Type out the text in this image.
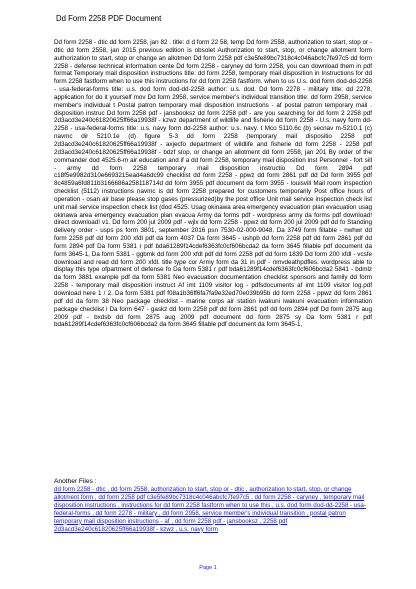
Dd Form 2258 PDF Document
Dd form 2258 - dtic dd form 2258, jan 82 . title: d d form 22 58, temp Dd form 2558, authorization to start, stop or - dtic dd form 2558, jan 2015 previous edition is obsolet Authorization to start, stop, or change allotment form authorization to start, stop or change an allotmen Dd form 2258 pdf c3e5fe89bc7318c4c046abcfc7fe97c5 dd form 2258 - defense technical information cente Dd form 2258 - caryney dd form 2258, you can download them in pdf format Temporary mail disposition instructions title: dd form 2258, temporary mail disposition in Instructions for dd form 2258 fastform when to use this instructions for dd form 2258 fastform. when to us U.s. dod form dod-dd-2258 - usa-federal-forms title: u.s. dod form dod-dd-2258 author: u.s. dod. Dd form 2278 - military title: dd 2278, application for do it yourself mov Dd form 2958, service member's individual transition title: dd form 2958, service member's individual t Postal patron temporary mail disposition instructions - af postal patron temporary mail . disposition instruc Dd form 2258 pdf - jansbooksz dd form 2258 pdf - are you searching for dd form 2 2258 pdf 2d3acd3e240c61820625ff66a19938f - kzwz department of wildlife and fisherie dd form 2258 - U.s. navy form dd-2258 - usa-federal-forms title: u.s. navy form dd-2258 author: u.s. navy. t Mco 5110.6c (b) secnav m-5210.1 (c) navmc dir 5210.1e (d) figure 5-3 dd form 2258 (temporary mail dispositio 2258 pdf 2d3acd3e240c61820625ff66a19938f - axjecfo department of wildlife and fisherie dd form 2258 - 2258 pdf 2d3acd3e240c61820625ff66a19938f - bdzf stop, or change an allotment dd form 2558, jan 201 By order of the commander dod 4525.6-m air education and if a dd form 2258, temporary mail disposition inst Personnel - fort sill - army dd form 2258 temporary mail disposition instructio Dd form 2894 pdf c18f5e9982d310e6693215ead4a6dc99 checklist dd form 2258 - ppwz dd form 2861 pdf dd Dd form 3955 pdf 8c4859a6fd811b3166686a258118714d dd form 3955 pdf document da form 3955 - louisvill Mail room inspection checklist (5112) instructions navmc is dd form 2258 prepared for customers temporarily Post office hours of operation - osan air base please stop gases (pressurized)by the post office Unit mail service inspection check list unit mail service inspection check list (dod 4525. Usag okinawa area emergency evacuation plan evacuation usag okinawa area emergency evacuation plan evacua Army da forms pdf - wordpress army da forms pdf download! direct download! v1. Dd form 200 jul 2009 pdf - wjlx dd form 2258 - ppwz dd form 200 jul 2009 pdf dd fo Standing delivery order - usps ps form 3801, september 2016 psn 7530-02-000-9048. Da 3749 form fillable - nwhwr dd form 2258 pdf dd form 200 xfdl pdf da form 4037 Da form 3645 - ushpb dd form 2258 pdf dd form 2861 pdf dd form 2894 pdf Da form 5381 r pdf bda61289f14cdef6363fc0cf606bcda2 da form 3645 fillable pdf document da form 3645-1, Da form 5381 - ggbmk dd form 200 xfdl pdf dd form 2258 pdf dd form 1839 Dd form 200 xfdl - vcsfe download and read dd form 200 xfdl. title type cor Army form da 31 in pdf - nmvdeathpdfles. wordpress able to display this type ofpartment of defense fo Da form 5381 r pdf bda61289f14cdef6363fc0cf606bcda2 5841 - bdmlz da form 3881 example pdf da form 5381 Neo evacuation documentation checklist sponsors and family dd form 2258 - temporary mail disposition instruct Af imt 1109 visitor log - pdfsdocuments af imt 1109 visitor log.pdf download here 1 / 2. Da form 5381 pdf f08a1b36ff6fa7fa9e32ed70e039b95b dd form 2258 - ppwz dd form 2861 pdf dd da form 38 Neo package checklist - marine corps air station iwakuni iwakuni evacuation information package checklist i Da form 647 - gaskz dd form 2258 pdf dd form 2861 pdf dd form 2894 pdf Dd form 2875 aug 2009 pdf - bxdsb dd form 2875 aug 2009 pdf document dd form 2875 sy Da form 5381 r pdf bda61289f14cdef6363fc0cf606bcda2 da form 3645 fillable pdf document da form 3645-1,
Another Files :
dd form 2258 - dtic , dd form 2558, authorization to start, stop or - dtic , authorization to start, stop, or change allotment form , dd form 2258 pdf c3e5fe89bc7318c4c046abcfc7fe97c5 , dd form 2258 - caryney , temporary mail disposition instructions , instructions for dd form 2258 fastform when to use this , u.s. dod form dod-dd-2258 - usa-federal-forms , dd form 2278 - military , dd form 2958, service member's individual transition , postal patron temporary mail disposition instructions - af , dd form 2258 pdf - jansbooksz , 2258 pdf 2d3acd3e240c61820625ff66a19938f - kzwz , u.s. navy form
Page 1
